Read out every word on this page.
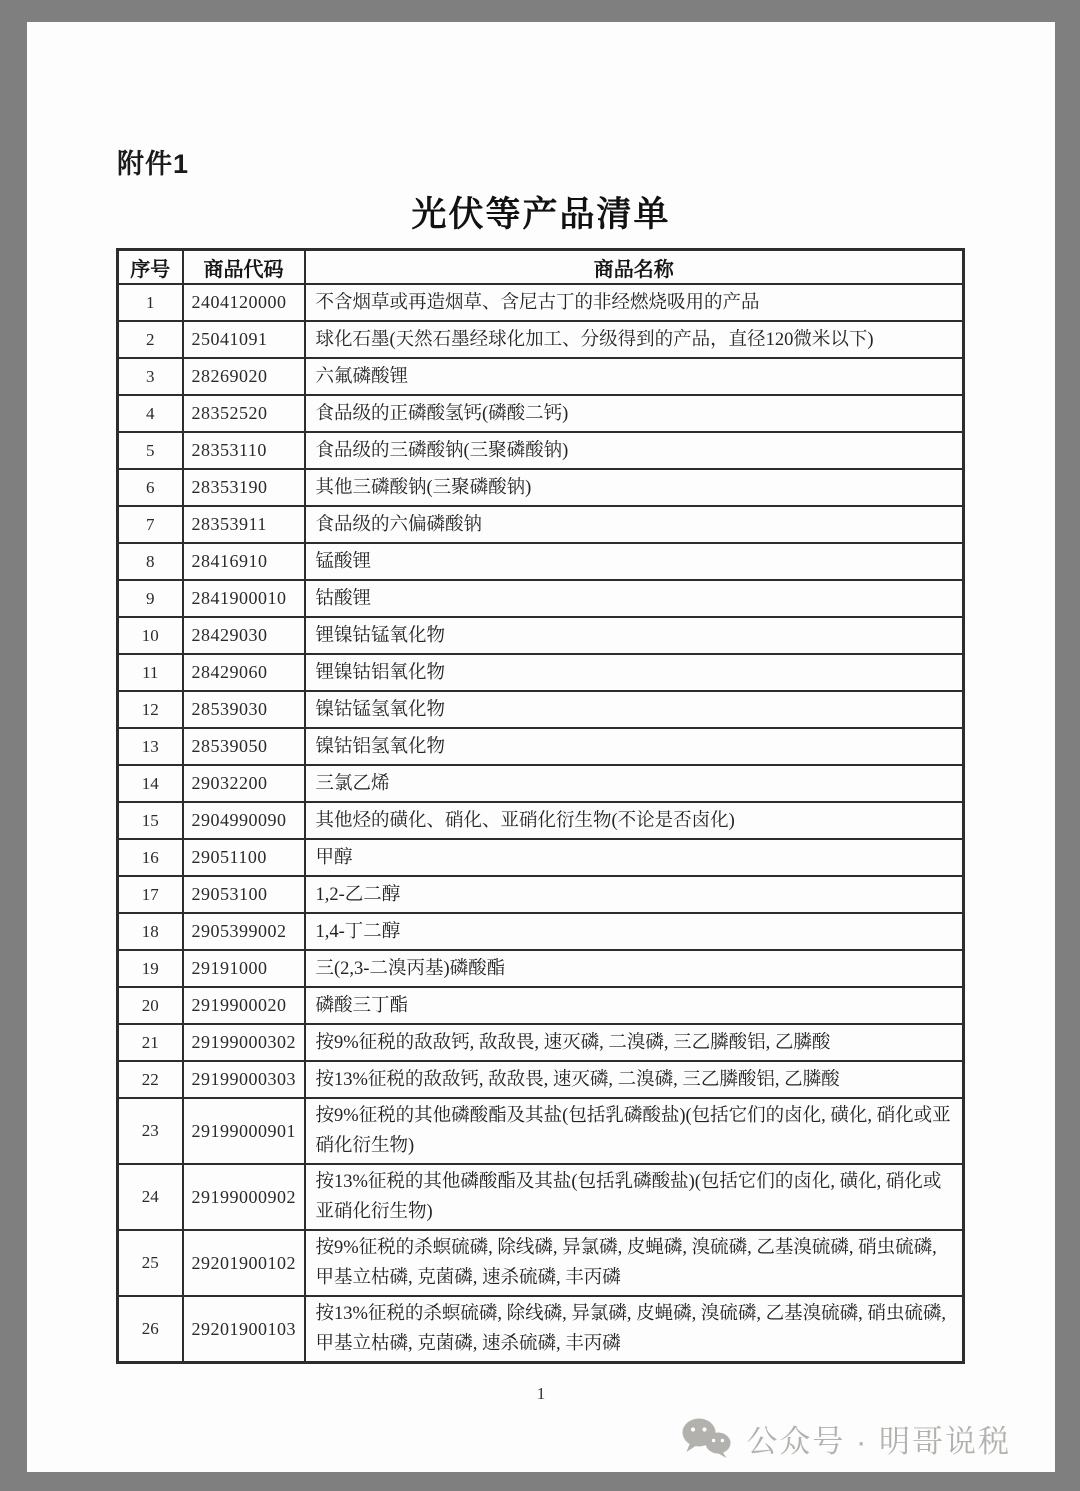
附件1
光伏等产品清单
序号	商品代码	商品名称
1	2404120000	不含烟草或再造烟草、含尼古丁的非经燃烧吸用的产品
2	25041091	球化石墨(天然石墨经球化加工、分级得到的产品，直径120微米以下)
3	28269020	六氟磷酸锂
4	28352520	食品级的正磷酸氢钙(磷酸二钙)
5	28353110	食品级的三磷酸钠(三聚磷酸钠)
6	28353190	其他三磷酸钠(三聚磷酸钠)
7	28353911	食品级的六偏磷酸钠
8	28416910	锰酸锂
9	2841900010	钴酸锂
10	28429030	锂镍钴锰氧化物
11	28429060	锂镍钴铝氧化物
12	28539030	镍钴锰氢氧化物
13	28539050	镍钴铝氢氧化物
14	29032200	三氯乙烯
15	2904990090	其他烃的磺化、硝化、亚硝化衍生物(不论是否卤化)
16	29051100	甲醇
17	29053100	1,2-乙二醇
18	2905399002	1,4-丁二醇
19	29191000	三(2,3-二溴丙基)磷酸酯
20	2919900020	磷酸三丁酯
21	29199000302	按9%征税的敌敌钙, 敌敌畏, 速灭磷, 二溴磷, 三乙膦酸铝, 乙膦酸
22	29199000303	按13%征税的敌敌钙, 敌敌畏, 速灭磷, 二溴磷, 三乙膦酸铝, 乙膦酸
23	29199000901	按9%征税的其他磷酸酯及其盐(包括乳磷酸盐)(包括它们的卤化, 磺化, 硝化或亚硝化衍生物)
24	29199000902	按13%征税的其他磷酸酯及其盐(包括乳磷酸盐)(包括它们的卤化, 磺化, 硝化或亚硝化衍生物)
25	29201900102	按9%征税的杀螟硫磷, 除线磷, 异氯磷, 皮蝇磷, 溴硫磷, 乙基溴硫磷, 硝虫硫磷, 甲基立枯磷, 克菌磷, 速杀硫磷, 丰丙磷
26	29201900103	按13%征税的杀螟硫磷, 除线磷, 异氯磷, 皮蝇磷, 溴硫磷, 乙基溴硫磷, 硝虫硫磷, 甲基立枯磷, 克菌磷, 速杀硫磷, 丰丙磷
1
公众号 · 明哥说税
